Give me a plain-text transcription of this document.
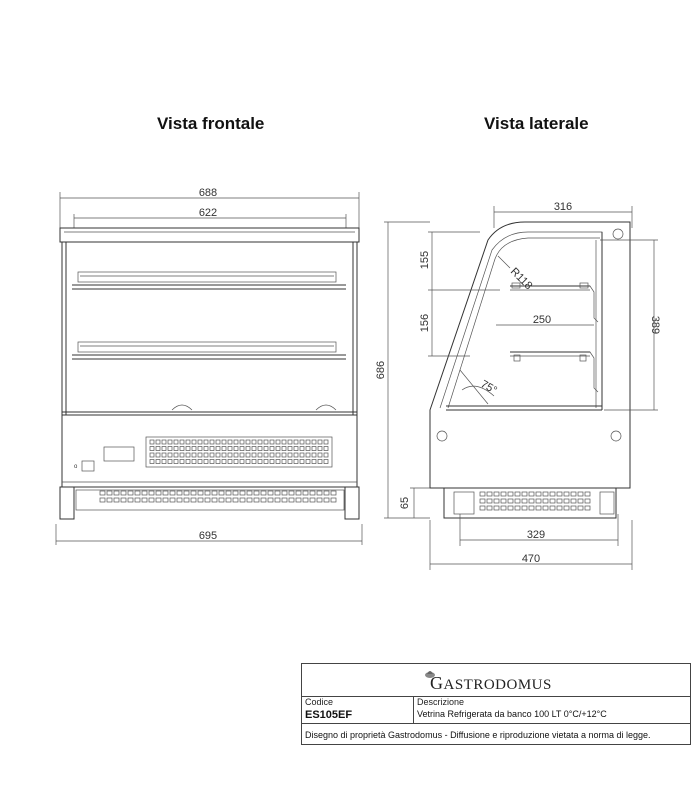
Vista frontale	Vista laterale
688
622
o
695
316
R118
250
75°
686
155
156
65
389
329
470
GASTRODOMUS
Codice
ES105EF
Descrizione
Vetrina Refrigerata da banco 100 LT 0°C/+12°C
Disegno di proprietà Gastrodomus - Diffusione e riproduzione vietata a norma di legge.
